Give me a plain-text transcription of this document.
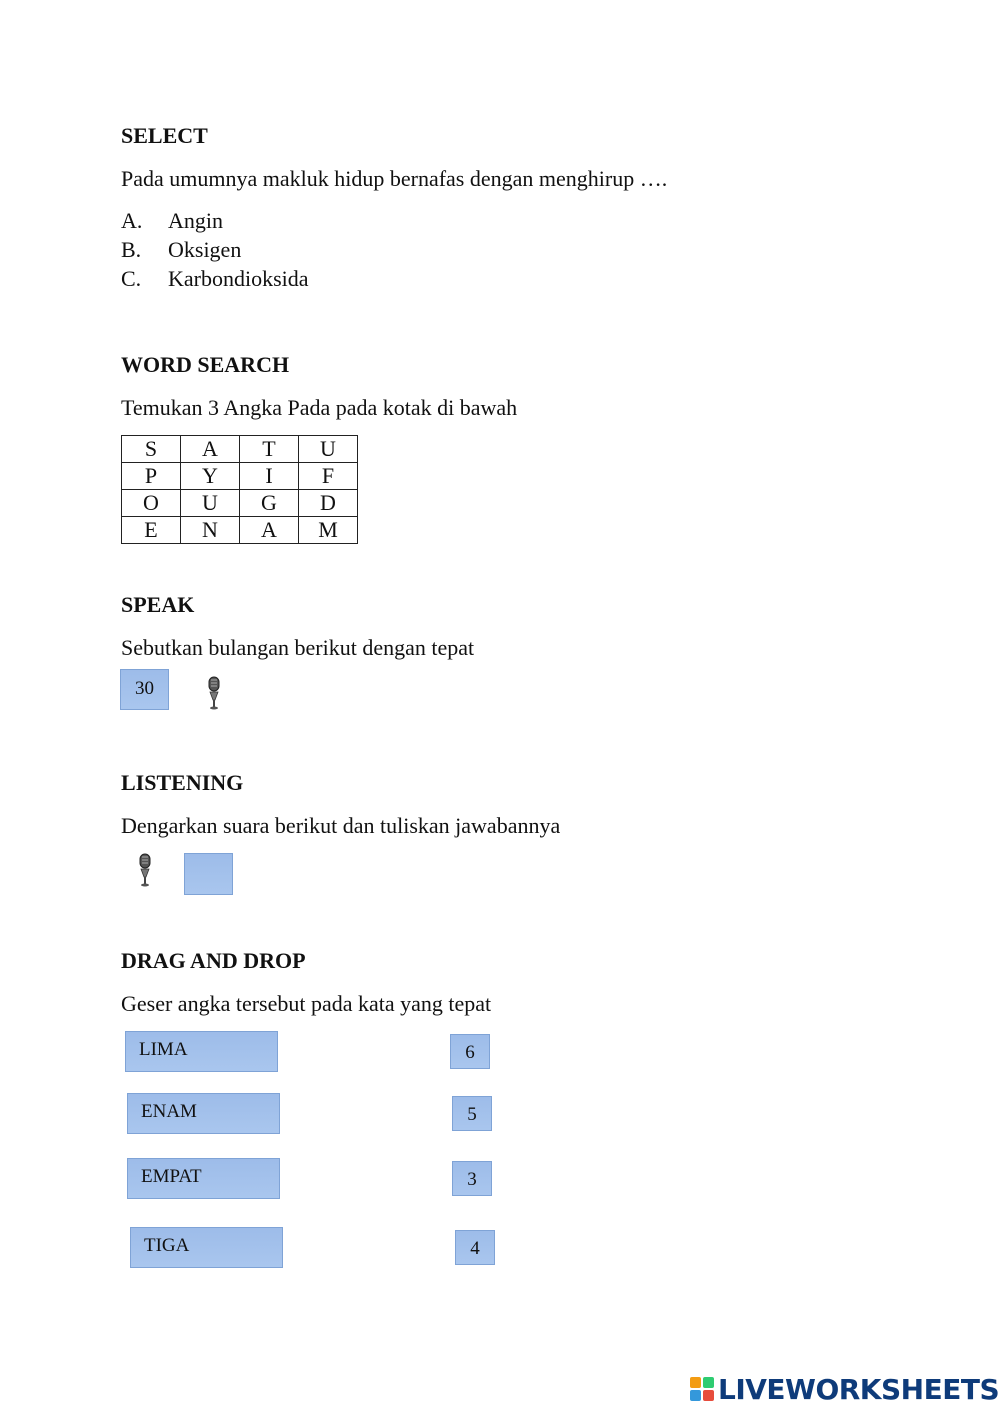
SELECT
Pada umumnya makluk hidup bernafas dengan menghirup ….
A. Angin
B. Oksigen
C. Karbondioksida
WORD SEARCH
Temukan 3 Angka Pada pada kotak di bawah
S	A	T	U
P	Y	I	F
O	U	G	D
E	N	A	M
SPEAK
Sebutkan bulangan berikut dengan tepat
30
LISTENING
Dengarkan suara berikut dan tuliskan jawabannya
DRAG AND DROP
Geser angka tersebut pada kata yang tepat
LIMA
ENAM
EMPAT
TIGA
6
5
3
4
LIVEWORKSHEETS
